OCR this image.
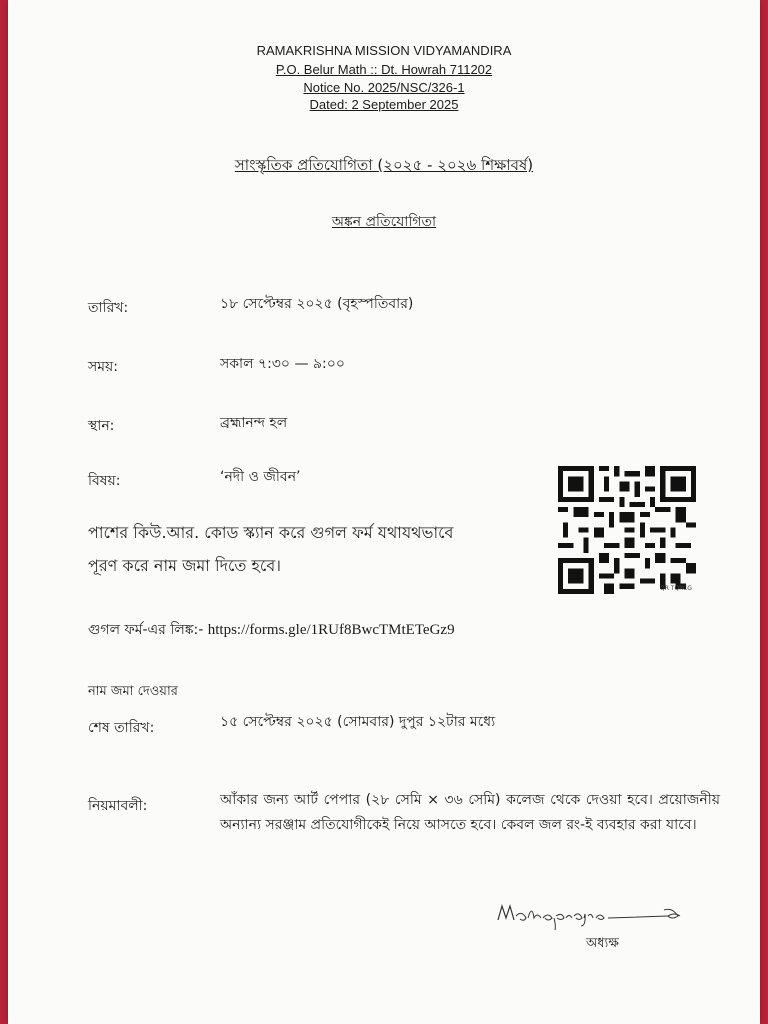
RAMAKRISHNA MISSION VIDYAMANDIRA
P.O. Belur Math :: Dt. Howrah 711202
Notice No. 2025/NSC/326-1
Dated: 2 September 2025
সাংস্কৃতিক প্রতিযোগিতা (২০২৫ - ২০২৬ শিক্ষাবর্ষ)
অঙ্কন প্রতিযোগিতা
তারিখ:	১৮ সেপ্টেম্বর ২০২৫ (বৃহস্পতিবার)
সময়:	সকাল ৭:৩০ — ৯:০০
স্থান:	ব্রহ্মানন্দ হল
বিষয়:	‘নদী ও জীবন’
পাশের কিউ.আর. কোড স্ক্যান করে গুগল ফর্ম যথাযথভাবে
পূরণ করে নাম জমা দিতে হবে।
QR TQRCG
গুগল ফর্ম-এর লিঙ্ক:- https://forms.gle/1RUf8BwcTMtETeGz9
নাম জমা দেওয়ার
শেষ তারিখ:	১৫ সেপ্টেম্বর ২০২৫ (সোমবার) দুপুর ১২টার মধ্যে
নিয়মাবলী:	আঁকার জন্য আর্ট পেপার (২৮ সেমি × ৩৬ সেমি) কলেজ থেকে দেওয়া হবে। প্রয়োজনীয় অন্যান্য সরঞ্জাম প্রতিযোগীকেই নিয়ে আসতে হবে। কেবল জল রং-ই ব্যবহার করা যাবে।
অধ্যক্ষ
